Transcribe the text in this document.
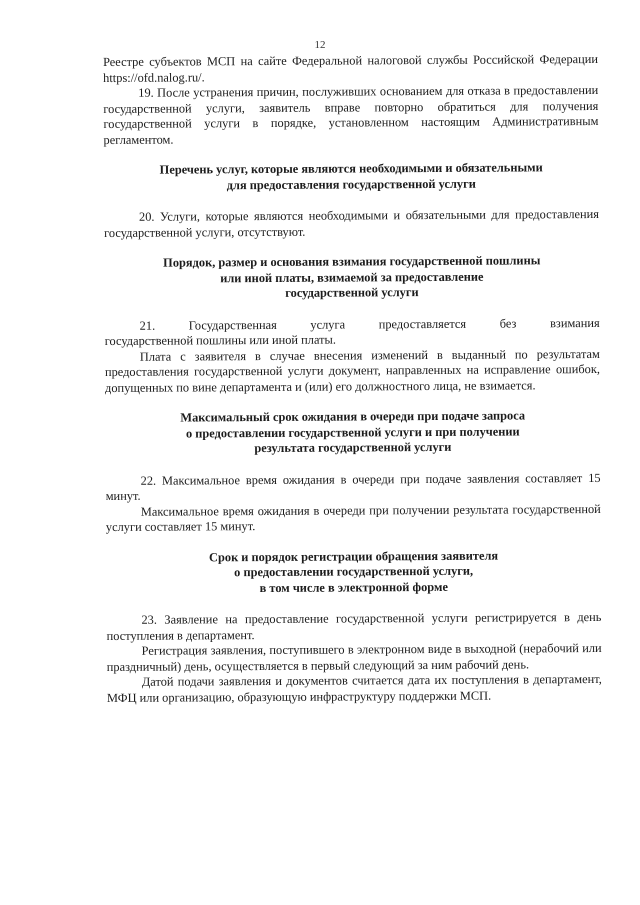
12

Реестре субъектов МСП на сайте Федеральной налоговой службы Российской Федерации https://ofd.nalog.ru/.

19. После устранения причин, послуживших основанием для отказа в предоставлении государственной услуги, заявитель вправе повторно обратиться для получения государственной услуги в порядке, установленном настоящим Административным регламентом.

Перечень услуг, которые являются необходимыми и обязательными
для предоставления государственной услуги

20. Услуги, которые являются необходимыми и обязательными для предоставления государственной услуги, отсутствуют.

Порядок, размер и основания взимания государственной пошлины
или иной платы, взимаемой за предоставление
государственной услуги

21. Государственная услуга предоставляется без взимания

государственной пошлины или иной платы.

Плата с заявителя в случае внесения изменений в выданный по результатам предоставления государственной услуги документ, направленных на исправление ошибок, допущенных по вине департамента и (или) его должностного лица, не взимается.

Максимальный срок ожидания в очереди при подаче запроса
о предоставлении государственной услуги и при получении
результата государственной услуги

22. Максимальное время ожидания в очереди при подаче заявления составляет 15 минут.

Максимальное время ожидания в очереди при получении результата государственной услуги составляет 15 минут.

Срок и порядок регистрации обращения заявителя
о предоставлении государственной услуги,
в том числе в электронной форме

23. Заявление на предоставление государственной услуги регистрируется в день поступления в департамент.

Регистрация заявления, поступившего в электронном виде в выходной (нерабочий или праздничный) день, осуществляется в первый следующий за ним рабочий день.

Датой подачи заявления и документов считается дата их поступления в департамент, МФЦ или организацию, образующую инфраструктуру поддержки МСП.
